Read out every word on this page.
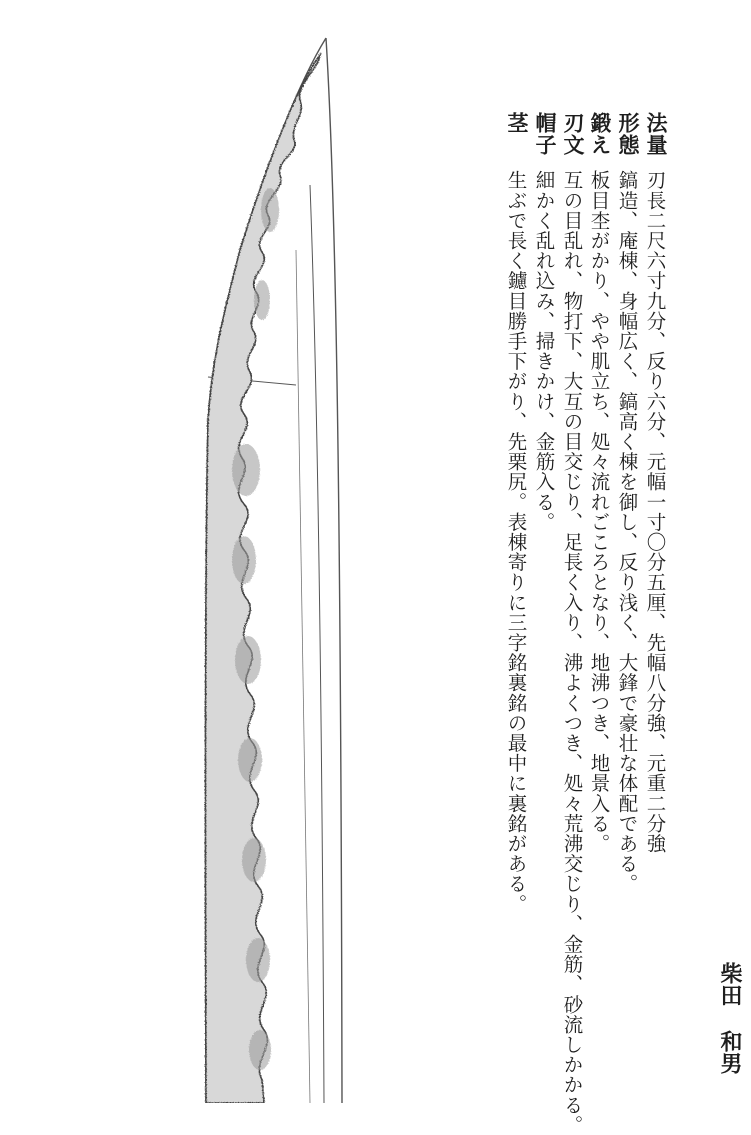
法量
形態
鍛え
刃文
帽子
茎
刃長二尺六寸九分、反り六分、元幅一寸〇分五厘、先幅八分強、元重二分強
鎬造、庵棟、身幅広く、鎬高く棟を御し、反り浅く、大鋒で豪壮な体配である。
板目杢がかり、やや肌立ち、処々流れごころとなり、地沸つき、地景入る。
互の目乱れ、物打下、大互の目交じり、足長く入り、沸よくつき、処々荒沸交じり、金筋、砂流しかかる。
細かく乱れ込み、掃きかけ、金筋入る。
生ぶで長く鑢目勝手下がり、先栗尻。表棟寄りに三字銘裏銘の最中に裏銘がある。
柴田
和男
